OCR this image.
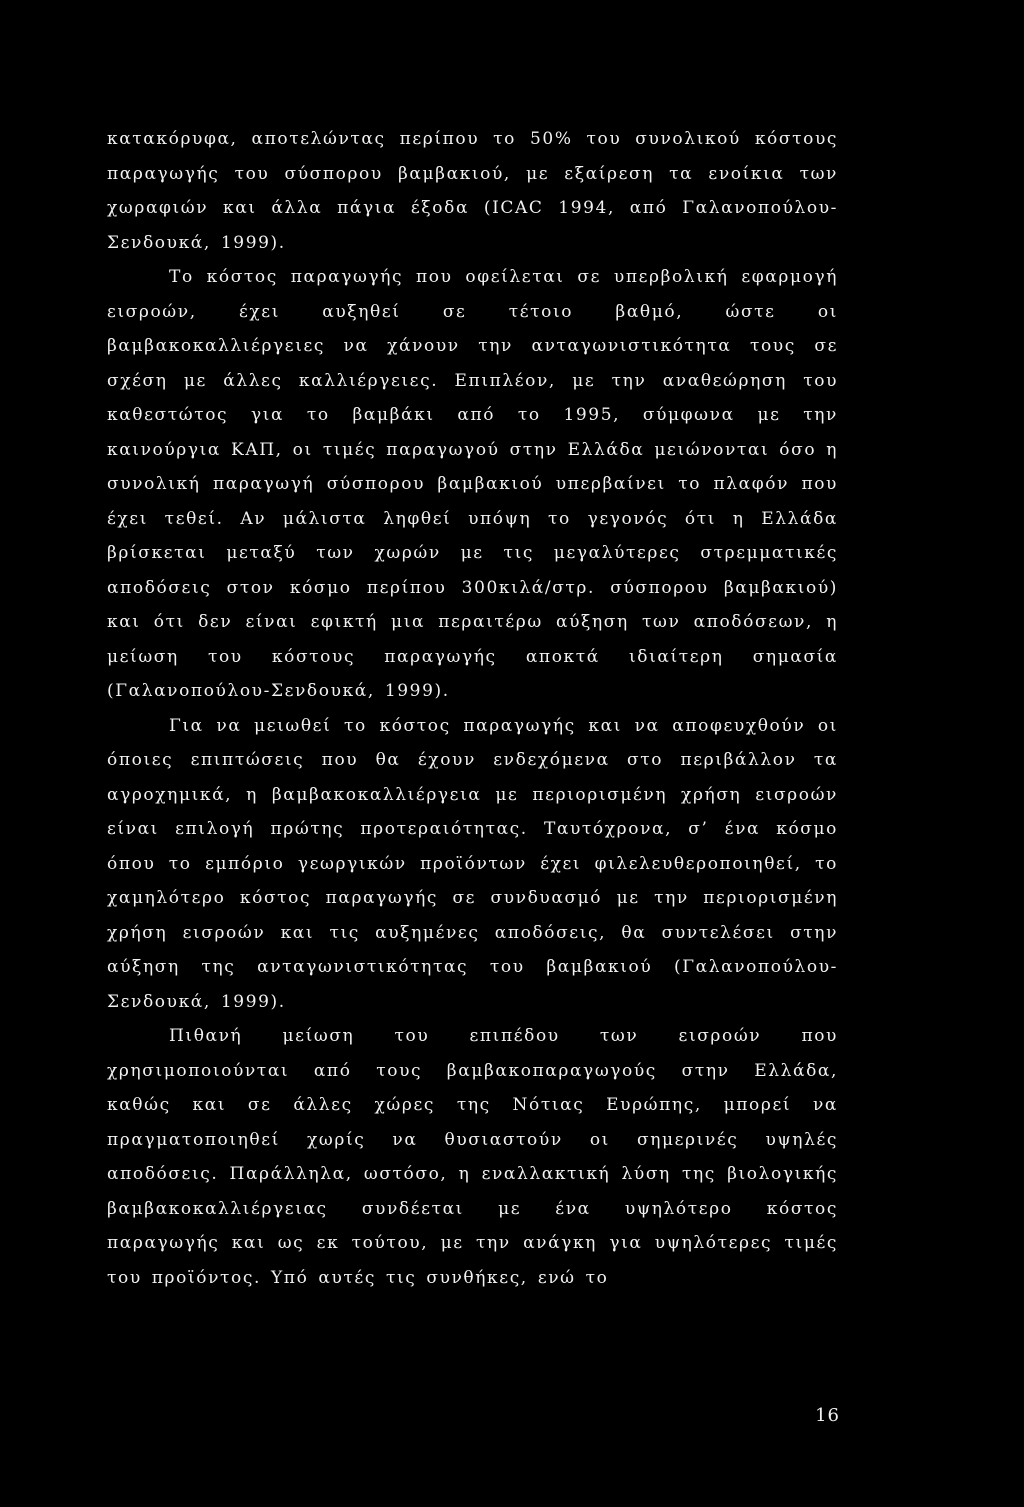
κατακόρυφα, αποτελώντας περίπου το 50% του συνολικού κόστους παραγωγής του σύσπορου βαμβακιού, με εξαίρεση τα ενοίκια των χωραφιών και άλλα πάγια έξοδα (ICAC 1994, από Γαλανοπούλου-Σενδουκά, 1999).

Το κόστος παραγωγής που οφείλεται σε υπερβολική εφαρμογή εισροών, έχει αυξηθεί σε τέτοιο βαθμό, ώστε οι βαμβακοκαλλιέργειες να χάνουν την ανταγωνιστικότητα τους σε σχέση με άλλες καλλιέργειες. Επιπλέον, με την αναθεώρηση του καθεστώτος για το βαμβάκι από το 1995, σύμφωνα με την καινούργια ΚΑΠ, οι τιμές παραγωγού στην Ελλάδα μειώνονται όσο η συνολική παραγωγή σύσπορου βαμβακιού υπερβαίνει το πλαφόν που έχει τεθεί. Αν μάλιστα ληφθεί υπόψη το γεγονός ότι η Ελλάδα βρίσκεται μεταξύ των χωρών με τις μεγαλύτερες στρεμματικές αποδόσεις στον κόσμο περίπου 300κιλά/στρ. σύσπορου βαμβακιού) και ότι δεν είναι εφικτή μια περαιτέρω αύξηση των αποδόσεων, η μείωση του κόστους παραγωγής αποκτά ιδιαίτερη σημασία (Γαλανοπούλου-Σενδουκά, 1999).

Για να μειωθεί το κόστος παραγωγής και να αποφευχθούν οι όποιες επιπτώσεις που θα έχουν ενδεχόμενα στο περιβάλλον τα αγροχημικά, η βαμβακοκαλλιέργεια με περιορισμένη χρήση εισροών είναι επιλογή πρώτης προτεραιότητας. Ταυτόχρονα, σ’ ένα κόσμο όπου το εμπόριο γεωργικών προϊόντων έχει φιλελευθεροποιηθεί, το χαμηλότερο κόστος παραγωγής σε συνδυασμό με την περιορισμένη χρήση εισροών και τις αυξημένες αποδόσεις, θα συντελέσει στην αύξηση της ανταγωνιστικότητας του βαμβακιού (Γαλανοπούλου-Σενδουκά, 1999).

Πιθανή μείωση του επιπέδου των εισροών που χρησιμοποιούνται από τους βαμβακοπαραγωγούς στην Ελλάδα, καθώς και σε άλλες χώρες της Νότιας Ευρώπης, μπορεί να πραγματοποιηθεί χωρίς να θυσιαστούν οι σημερινές υψηλές αποδόσεις. Παράλληλα, ωστόσο, η εναλλακτική λύση της βιολογικής βαμβακοκαλλιέργειας συνδέεται με ένα υψηλότερο κόστος παραγωγής και ως εκ τούτου, με την ανάγκη για υψηλότερες τιμές του προϊόντος. Υπό αυτές τις συνθήκες, ενώ το

16
